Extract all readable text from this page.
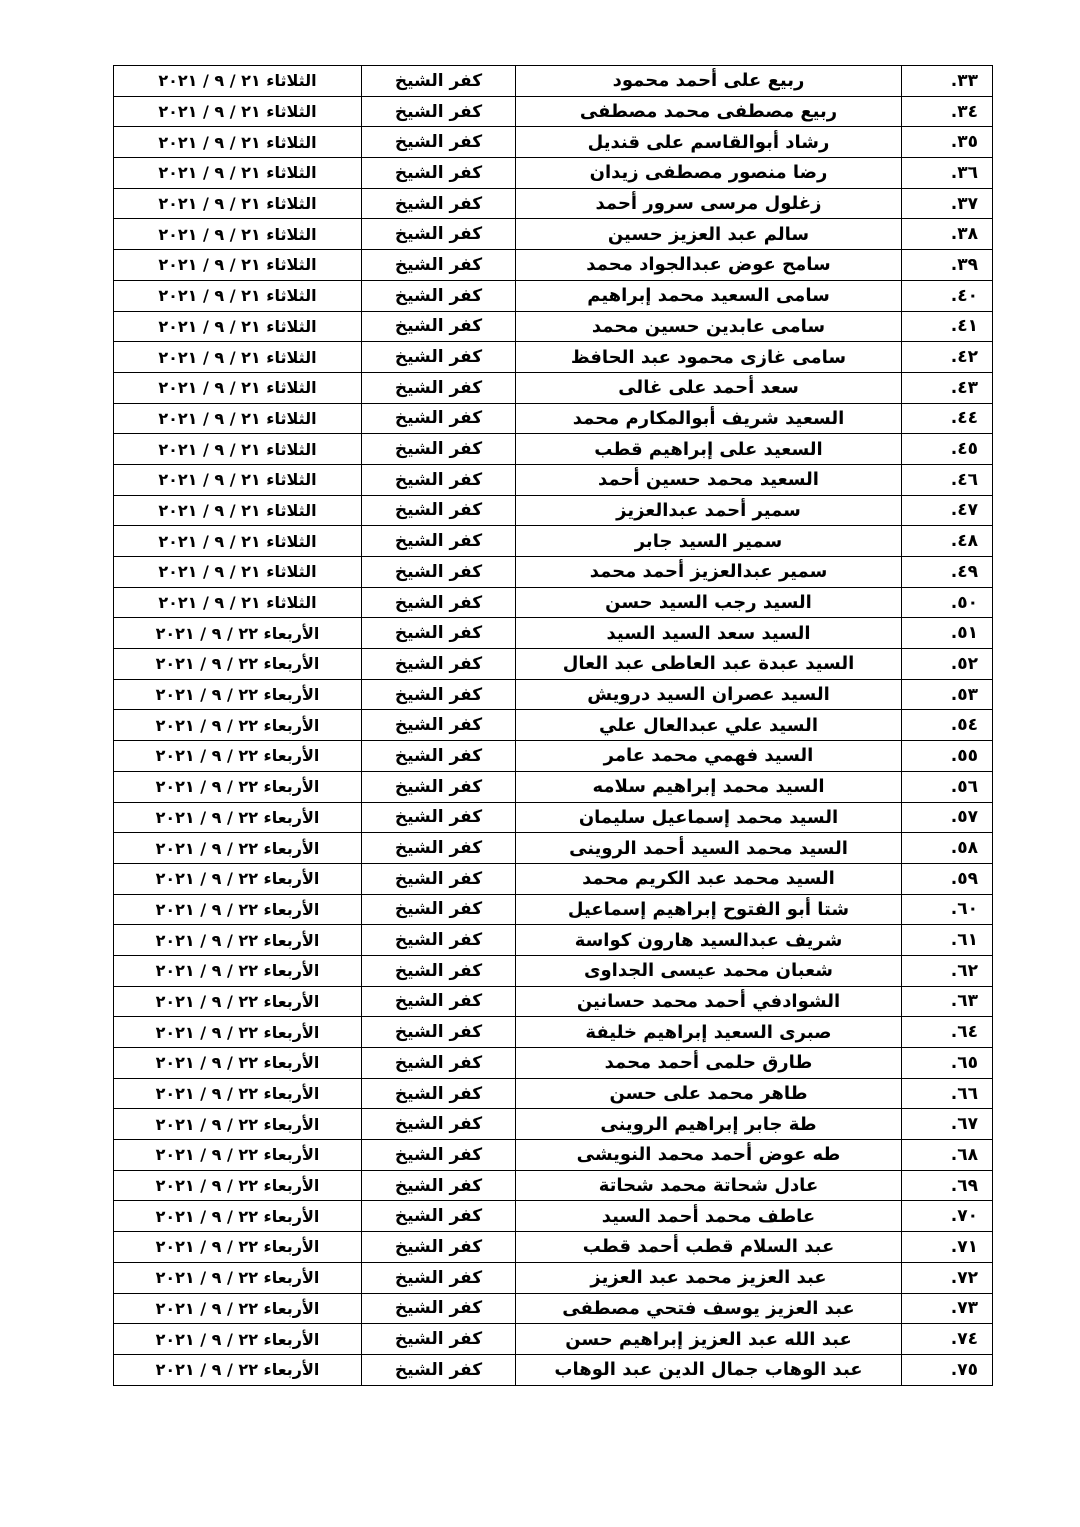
٣٣.	ربيع على أحمد محمود	كفر الشيخ	الثلاثاء ٢١ / ٩ / ٢٠٢١
٣٤.	ربيع مصطفى محمد مصطفى	كفر الشيخ	الثلاثاء ٢١ / ٩ / ٢٠٢١
٣٥.	رشاد أبوالقاسم على قنديل	كفر الشيخ	الثلاثاء ٢١ / ٩ / ٢٠٢١
٣٦.	رضا منصور مصطفى زيدان	كفر الشيخ	الثلاثاء ٢١ / ٩ / ٢٠٢١
٣٧.	زغلول مرسى سرور أحمد	كفر الشيخ	الثلاثاء ٢١ / ٩ / ٢٠٢١
٣٨.	سالم عبد العزيز حسين	كفر الشيخ	الثلاثاء ٢١ / ٩ / ٢٠٢١
٣٩.	سامح عوض عبدالجواد محمد	كفر الشيخ	الثلاثاء ٢١ / ٩ / ٢٠٢١
٤٠.	سامى السعيد محمد إبراهيم	كفر الشيخ	الثلاثاء ٢١ / ٩ / ٢٠٢١
٤١.	سامى عابدين حسين محمد	كفر الشيخ	الثلاثاء ٢١ / ٩ / ٢٠٢١
٤٢.	سامى غازى محمود عبد الحافظ	كفر الشيخ	الثلاثاء ٢١ / ٩ / ٢٠٢١
٤٣.	سعد أحمد على غالى	كفر الشيخ	الثلاثاء ٢١ / ٩ / ٢٠٢١
٤٤.	السعيد شريف أبوالمكارم محمد	كفر الشيخ	الثلاثاء ٢١ / ٩ / ٢٠٢١
٤٥.	السعيد على إبراهيم قطب	كفر الشيخ	الثلاثاء ٢١ / ٩ / ٢٠٢١
٤٦.	السعيد محمد حسين أحمد	كفر الشيخ	الثلاثاء ٢١ / ٩ / ٢٠٢١
٤٧.	سمير أحمد عبدالعزيز	كفر الشيخ	الثلاثاء ٢١ / ٩ / ٢٠٢١
٤٨.	سمير السيد جابر	كفر الشيخ	الثلاثاء ٢١ / ٩ / ٢٠٢١
٤٩.	سمير عبدالعزيز أحمد محمد	كفر الشيخ	الثلاثاء ٢١ / ٩ / ٢٠٢١
٥٠.	السيد رجب السيد حسن	كفر الشيخ	الثلاثاء ٢١ / ٩ / ٢٠٢١
٥١.	السيد سعد السيد السيد	كفر الشيخ	الأربعاء ٢٢ / ٩ / ٢٠٢١
٥٢.	السيد عبدة عبد العاطى عبد العال	كفر الشيخ	الأربعاء ٢٢ / ٩ / ٢٠٢١
٥٣.	السيد عصران السيد درويش	كفر الشيخ	الأربعاء ٢٢ / ٩ / ٢٠٢١
٥٤.	السيد علي عبدالعال علي	كفر الشيخ	الأربعاء ٢٢ / ٩ / ٢٠٢١
٥٥.	السيد فهمي محمد عامر	كفر الشيخ	الأربعاء ٢٢ / ٩ / ٢٠٢١
٥٦.	السيد محمد إبراهيم سلامه	كفر الشيخ	الأربعاء ٢٢ / ٩ / ٢٠٢١
٥٧.	السيد محمد إسماعيل سليمان	كفر الشيخ	الأربعاء ٢٢ / ٩ / ٢٠٢١
٥٨.	السيد محمد السيد أحمد الروينى	كفر الشيخ	الأربعاء ٢٢ / ٩ / ٢٠٢١
٥٩.	السيد محمد عبد الكريم محمد	كفر الشيخ	الأربعاء ٢٢ / ٩ / ٢٠٢١
٦٠.	شتا أبو الفتوح إبراهيم إسماعيل	كفر الشيخ	الأربعاء ٢٢ / ٩ / ٢٠٢١
٦١.	شريف عبدالسيد هارون كواسة	كفر الشيخ	الأربعاء ٢٢ / ٩ / ٢٠٢١
٦٢.	شعبان محمد عيسى الجداوى	كفر الشيخ	الأربعاء ٢٢ / ٩ / ٢٠٢١
٦٣.	الشوادفي أحمد محمد حسانين	كفر الشيخ	الأربعاء ٢٢ / ٩ / ٢٠٢١
٦٤.	صبرى السعيد إبراهيم خليفة	كفر الشيخ	الأربعاء ٢٢ / ٩ / ٢٠٢١
٦٥.	طارق حلمى أحمد محمد	كفر الشيخ	الأربعاء ٢٢ / ٩ / ٢٠٢١
٦٦.	طاهر محمد على حسن	كفر الشيخ	الأربعاء ٢٢ / ٩ / ٢٠٢١
٦٧.	طة جابر إبراهيم الروينى	كفر الشيخ	الأربعاء ٢٢ / ٩ / ٢٠٢١
٦٨.	طه عوض أحمد محمد النويشى	كفر الشيخ	الأربعاء ٢٢ / ٩ / ٢٠٢١
٦٩.	عادل شحاتة محمد شحاتة	كفر الشيخ	الأربعاء ٢٢ / ٩ / ٢٠٢١
٧٠.	عاطف محمد أحمد السيد	كفر الشيخ	الأربعاء ٢٢ / ٩ / ٢٠٢١
٧١.	عبد السلام قطب أحمد قطب	كفر الشيخ	الأربعاء ٢٢ / ٩ / ٢٠٢١
٧٢.	عبد العزيز محمد عبد العزيز	كفر الشيخ	الأربعاء ٢٢ / ٩ / ٢٠٢١
٧٣.	عبد العزيز يوسف فتحي مصطفى	كفر الشيخ	الأربعاء ٢٢ / ٩ / ٢٠٢١
٧٤.	عبد الله عبد العزيز إبراهيم حسن	كفر الشيخ	الأربعاء ٢٢ / ٩ / ٢٠٢١
٧٥.	عبد الوهاب جمال الدين عبد الوهاب	كفر الشيخ	الأربعاء ٢٢ / ٩ / ٢٠٢١
